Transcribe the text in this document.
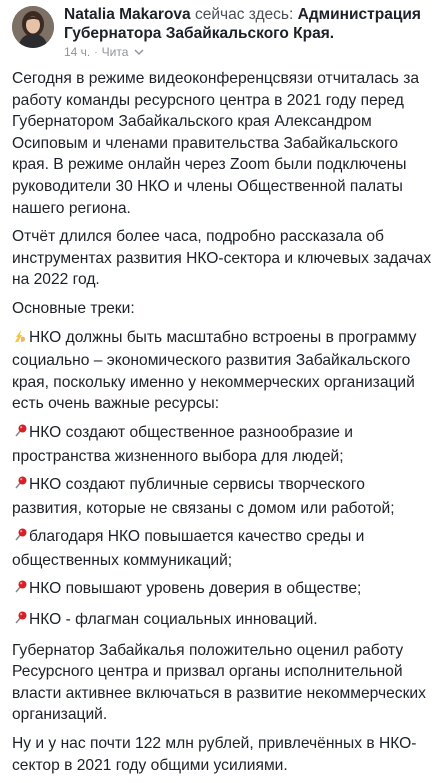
Natalia Makarova сейчас здесь: Администрация Губернатора Забайкальского Края.
14 ч. · Чита

Сегодня в режиме видеоконференцсвязи отчиталась за работу команды ресурсного центра в 2021 году перед Губернатором Забайкальского края Александром Осиповым и членами правительства Забайкальского края. В режиме онлайн через Zoom были подключены руководители 30 НКО и члены Общественной палаты нашего региона.

Отчёт длился более часа, подробно рассказала об инструментах развития НКО-сектора и ключевых задачах на 2022 год.

Основные треки:

НКО должны быть масштабно встроены в программу социально – экономического развития Забайкальского края, поскольку именно у некоммерческих организаций есть очень важные ресурсы:

НКО создают общественное разнообразие и пространства жизненного выбора для людей;

НКО создают публичные сервисы творческого развития, которые не связаны с домом или работой;

благодаря НКО повышается качество среды и общественных коммуникаций;

НКО повышают уровень доверия в обществе;

НКО - флагман социальных инноваций.

Губернатор Забайкалья положительно оценил работу Ресурсного центра и призвал органы исполнительной власти активнее включаться в развитие некоммерческих организаций.

Ну и у нас почти 122 млн рублей, привлечённых в НКО-сектор в 2021 году общими усилиями.
